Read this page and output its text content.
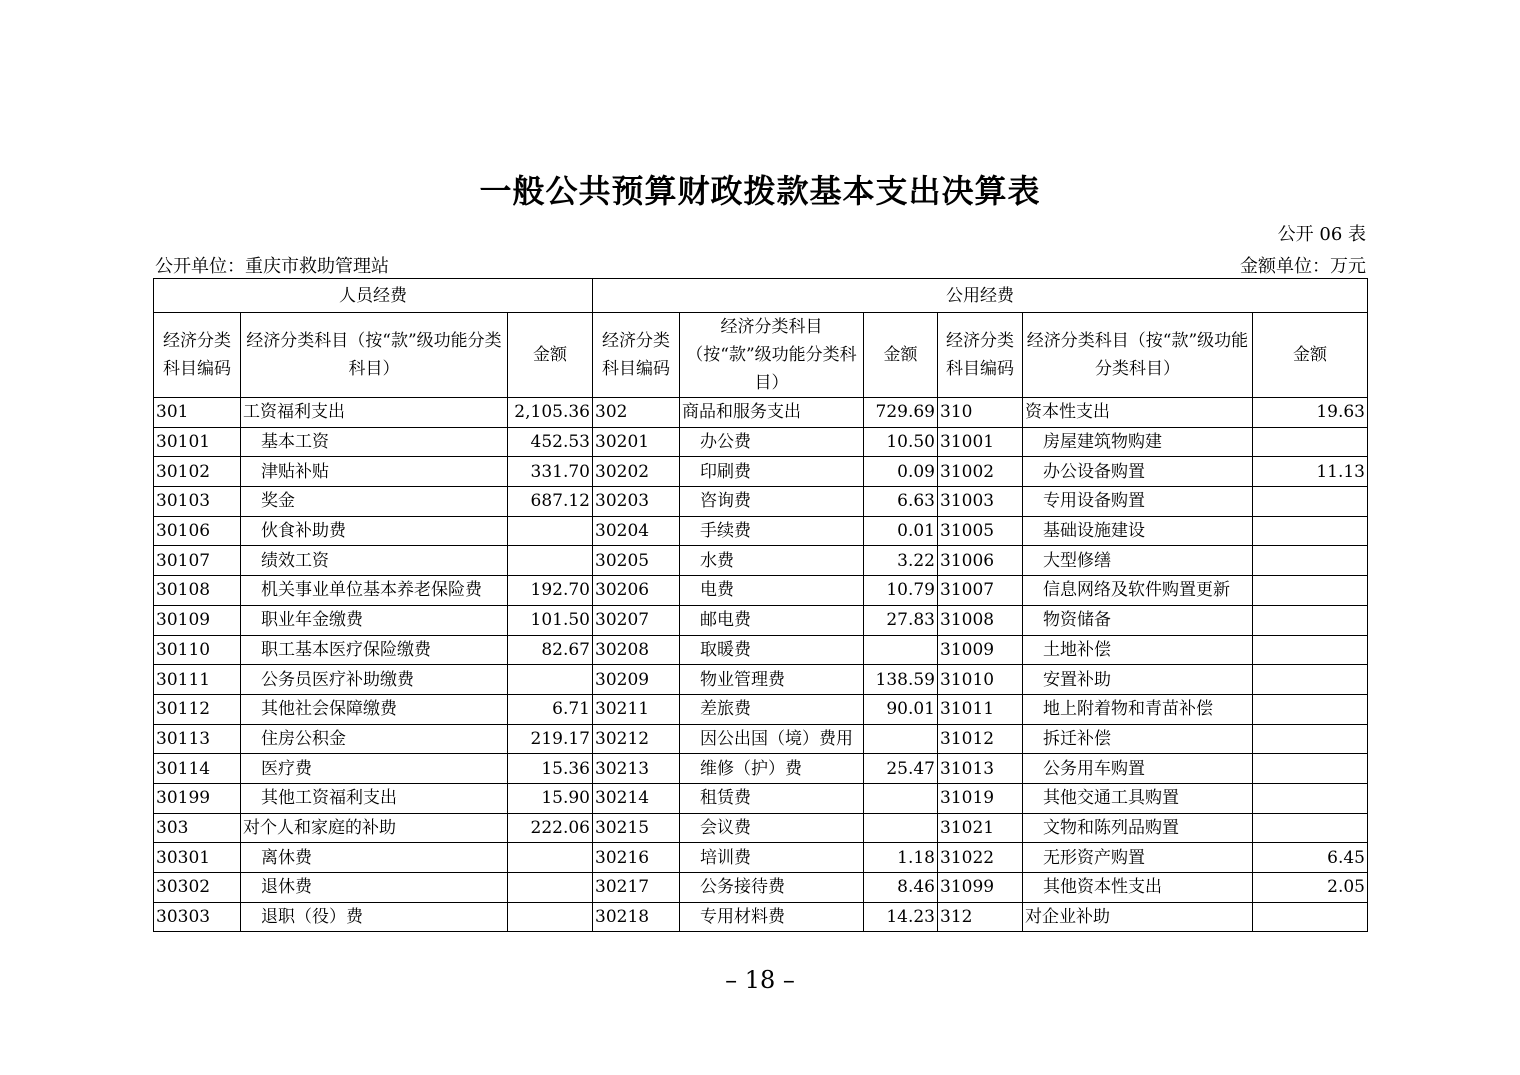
一般公共预算财政拨款基本支出决算表
公开 06 表
公开单位：重庆市救助管理站	金额单位：万元
人员经费			公用经费					
经济分类科目编码	经济分类科目（按“款”级功能分类科目）	金额	经济分类科目编码	经济分类科目（按“款”级功能分类科目）	金额	经济分类科目编码	经济分类科目（按“款”级功能分类科目）	金额
301	工资福利支出	2,105.36	302	商品和服务支出	729.69	310	资本性支出	19.63
30101	基本工资	452.53	30201	办公费	10.50	31001	房屋建筑物购建	
30102	津贴补贴	331.70	30202	印刷费	0.09	31002	办公设备购置	11.13
30103	奖金	687.12	30203	咨询费	6.63	31003	专用设备购置	
30106	伙食补助费		30204	手续费	0.01	31005	基础设施建设	
30107	绩效工资		30205	水费	3.22	31006	大型修缮	
30108	机关事业单位基本养老保险费	192.70	30206	电费	10.79	31007	信息网络及软件购置更新	
30109	职业年金缴费	101.50	30207	邮电费	27.83	31008	物资储备	
30110	职工基本医疗保险缴费	82.67	30208	取暖费		31009	土地补偿	
30111	公务员医疗补助缴费		30209	物业管理费	138.59	31010	安置补助	
30112	其他社会保障缴费	6.71	30211	差旅费	90.01	31011	地上附着物和青苗补偿	
30113	住房公积金	219.17	30212	因公出国（境）费用		31012	拆迁补偿	
30114	医疗费	15.36	30213	维修（护）费	25.47	31013	公务用车购置	
30199	其他工资福利支出	15.90	30214	租赁费		31019	其他交通工具购置	
303	对个人和家庭的补助	222.06	30215	会议费		31021	文物和陈列品购置	
30301	离休费		30216	培训费	1.18	31022	无形资产购置	6.45
30302	退休费		30217	公务接待费	8.46	31099	其他资本性支出	2.05
30303	退职（役）费		30218	专用材料费	14.23	312	对企业补助	
– 18 –
